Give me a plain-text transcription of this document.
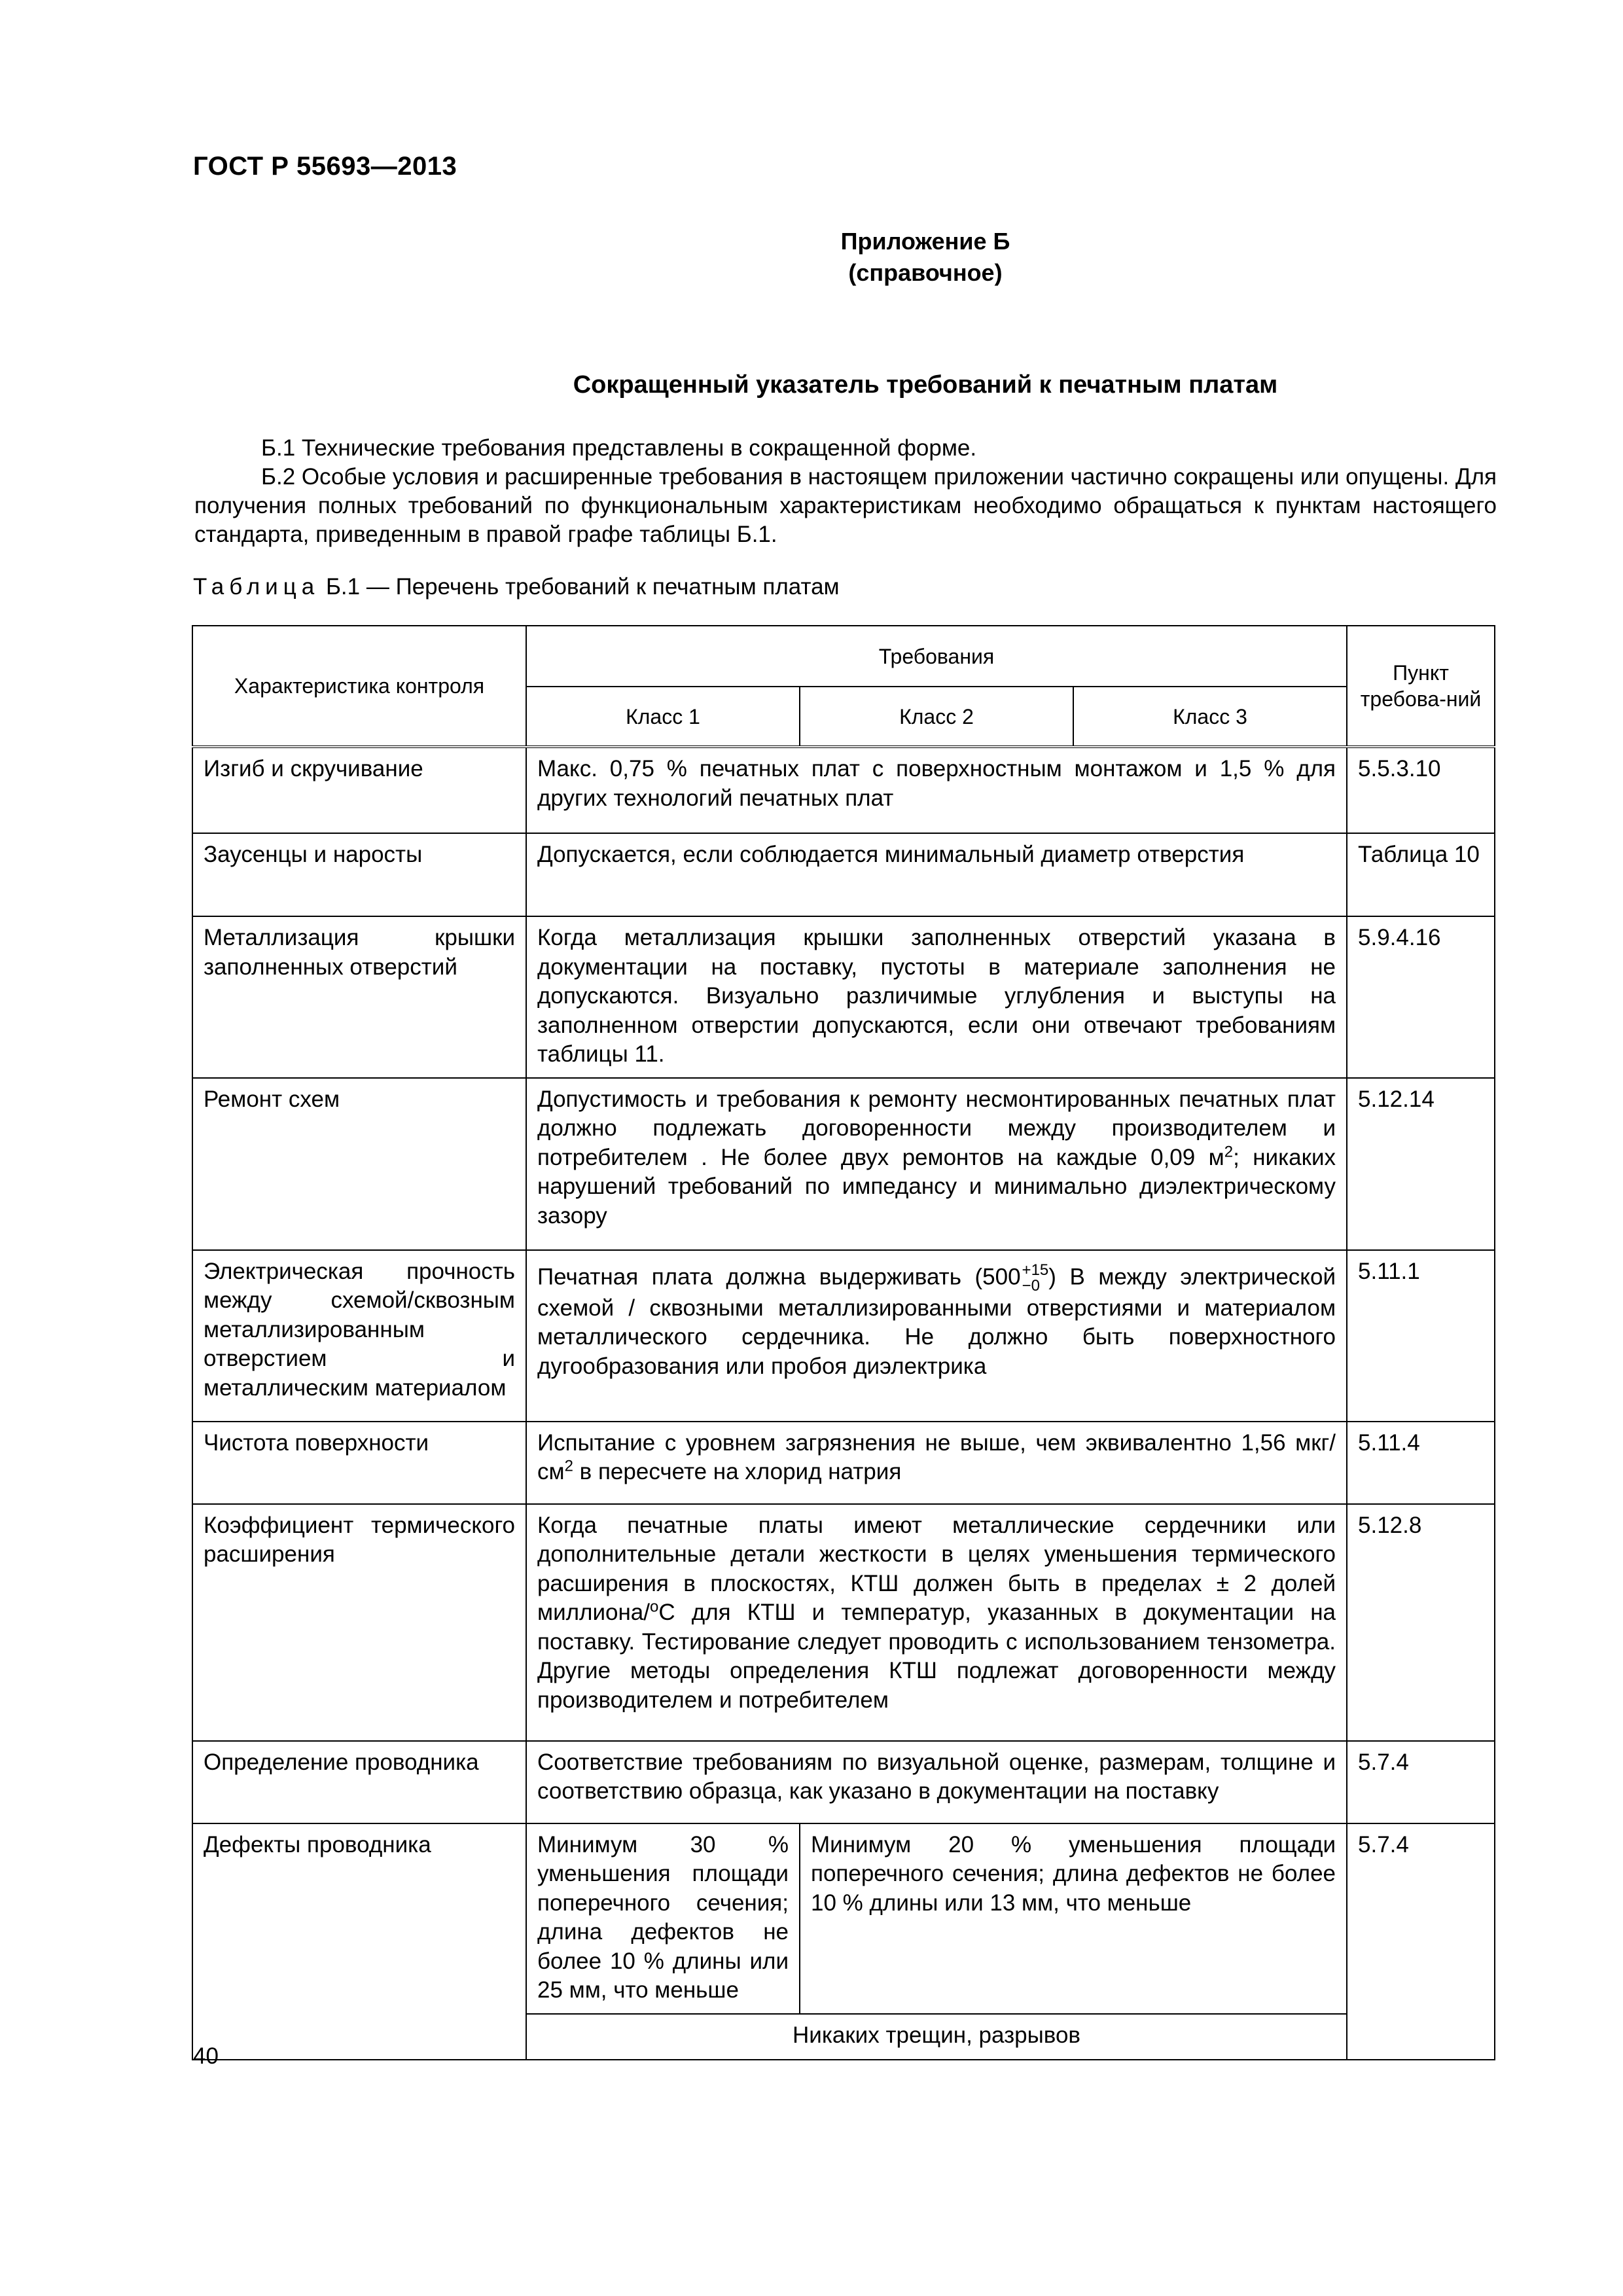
ГОСТ Р 55693—2013
Приложение Б
(справочное)
Сокращенный указатель требований к печатным платам
Б.1 Технические требования представлены в сокращенной форме.
Б.2 Особые условия и расширенные требования в настоящем приложении частично сокращены или опущены. Для получения полных требований по функциональным характеристикам необходимо обращаться к пунктам настоящего стандарта, приведенным в правой графе таблицы Б.1.
Таблица Б.1 — Перечень требований к печатным платам
Характеристика контроля	Требования			Пункт требова-ний
	Класс 1	Класс 2	Класс 3	
Изгиб и скручивание	Макс. 0,75 % печатных плат с поверхностным монтажом и 1,5 % для других технологий печатных плат			5.5.3.10
Заусенцы и наросты	Допускается, если соблюдается минимальный диаметр отверстия			Таблица 10
Металлизация крышки заполненных отверстий	Когда металлизация крышки заполненных отверстий указана в документации на поставку, пустоты в материале заполнения не допускаются. Визуально различимые углубления и выступы на заполненном отверстии допускаются, если они отвечают требованиям таблицы 11.			5.9.4.16
Ремонт схем	Допустимость и требования к ремонту несмонтированных печатных плат должно подлежать договоренности между производителем и потребителем . Не более двух ремонтов на каждые 0,09 $м^2$; никаких нарушений требований по импедансу и минимально диэлектрическому зазору			5.12.14
Электрическая прочность между схемой/сквозным металлизированным отверстием и металлическим материалом	Печатная плата должна выдерживать (500 +15
−0 ) В между электрической схемой / сквозными металлизированными отверстиями и материалом металлического сердечника. Не должно быть поверхностного дугообразования или пробоя диэлектрика			5.11.1
Чистота поверхности	Испытание с уровнем загрязнения не выше, чем эквивалентно 1,56 мкг/$см^2$ в пересчете на хлорид натрия			5.11.4
Коэффициент термического расширения	Когда печатные платы имеют металлические сердечники или дополнительные детали жесткости в целях уменьшения термического расширения в плоскостях, КТШ должен быть в пределах ± 2 долей миллиона/$^о$С для КТШ и температур, указанных в документации на поставку. Тестирование следует проводить с использованием тензометра. Другие методы определения КТШ подлежат договоренности между производителем и потребителем			5.12.8
Определение проводника	Соответствие требованиям по визуальной оценке, размерам, толщине и соответствию образца, как указано в документации на поставку			5.7.4
Дефекты проводника	Минимум 30 % уменьшения площади поперечного сечения; длина дефектов не более 10 % длины или 25 мм, что меньше	Минимум 20 % уменьшения площади поперечного сечения; длина дефектов не более 10 % длины или 13 мм, что меньше		5.7.4
	Никаких трещин, разрывов			
40
